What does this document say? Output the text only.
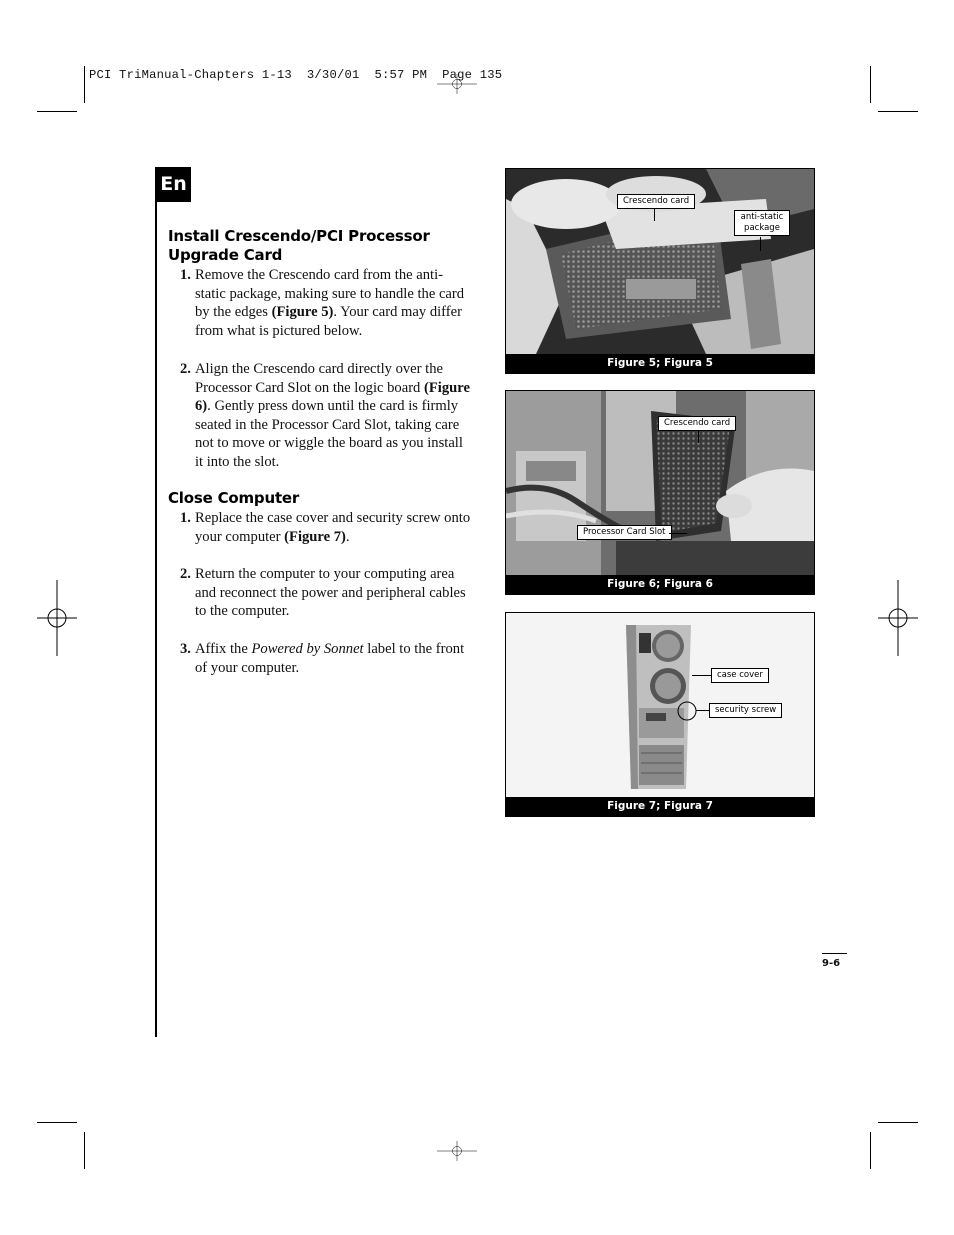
PCI TriManual-Chapters 1-13  3/30/01  5:57 PM  Page 135
En
Install Crescendo/PCI Processor
Upgrade Card
1. Remove the Crescendo card from the anti-static package, making sure to handle the card by the edges (Figure 5). Your card may differ from what is pictured below.
2. Align the Crescendo card directly over the Processor Card Slot on the logic board (Figure 6). Gently press down until the card is firmly seated in the Processor Card Slot, taking care not to move or wiggle the board as you install it into the slot.
Close Computer
1. Replace the case cover and security screw onto your computer (Figure 7).
2. Return the computer to your computing area and reconnect the power and peripheral cables to the computer.
3. Affix the Powered by Sonnet label to the front of your computer.
Figure 5; Figura 5
Crescendo card
anti-static package
Figure 6; Figura 6
Crescendo card
Processor Card Slot
Figure 7; Figura 7
case cover
security screw
9-6
